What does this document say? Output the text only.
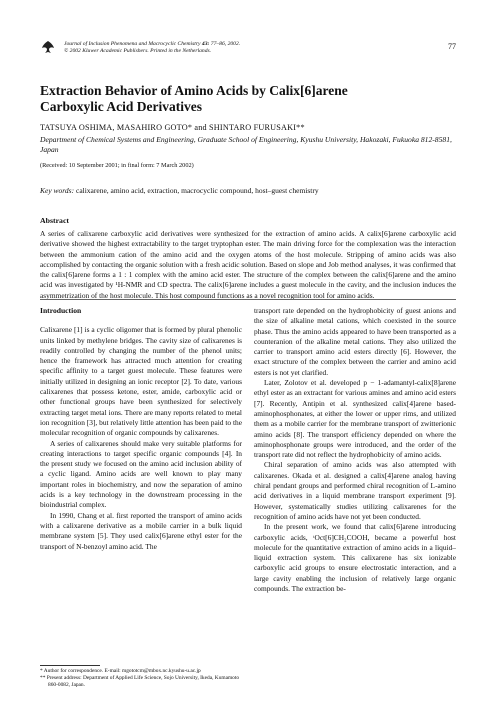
Journal of Inclusion Phenomena and Macrocyclic Chemistry 43: 77–86, 2002.
© 2002 Kluwer Academic Publishers. Printed in the Netherlands.	77
Extraction Behavior of Amino Acids by Calix[6]arene
Carboxylic Acid Derivatives
TATSUYA OSHIMA, MASAHIRO GOTO* and SHINTARO FURUSAKI**
Department of Chemical Systems and Engineering, Graduate School of Engineering, Kyushu University, Hakozaki, Fukuoka 812-8581, Japan
(Received: 10 September 2001; in final form: 7 March 2002)
Key words: calixarene, amino acid, extraction, macrocyclic compound, host–guest chemistry
Abstract
A series of calixarene carboxylic acid derivatives were synthesized for the extraction of amino acids. A calix[6]arene carboxylic acid derivative showed the highest extractability to the target tryptophan ester. The main driving force for the complexation was the interaction between the ammonium cation of the amino acid and the oxygen atoms of the host molecule. Stripping of amino acids was also accomplished by contacting the organic solution with a fresh acidic solution. Based on slope and Job method analyses, it was confirmed that the calix[6]arene forms a 1 : 1 complex with the amino acid ester. The structure of the complex between the calix[6]arene and the amino acid was investigated by ¹H-NMR and CD spectra. The calix[6]arene includes a guest molecule in the cavity, and the inclusion induces the asymmetrization of the host molecule. This host compound functions as a novel recognition tool for amino acids.
Introduction

Calixarene [1] is a cyclic oligomer that is formed by plural phenolic units linked by methylene bridges. The cavity size of calixarenes is readily controlled by changing the number of the phenol units; hence the framework has attracted much attention for creating specific affinity to a target guest molecule. These features were initially utilized in designing an ionic receptor [2]. To date, various calixarenes that possess ketone, ester, amide, carboxylic acid or other functional groups have been synthesized for selectively extracting target metal ions. There are many reports related to metal ion recognition [3], but relatively little attention has been paid to the molecular recognition of organic compounds by calixarenes.

A series of calixarenes should make very suitable platforms for creating interactions to target specific organic compounds [4]. In the present study we focused on the amino acid inclusion ability of a cyclic ligand. Amino acids are well known to play many important roles in biochemistry, and now the separation of amino acids is a key technology in the downstream processing in the bioindustrial complex.

In 1990, Chang et al. first reported the transport of amino acids with a calixarene derivative as a mobile carrier in a bulk liquid membrane system [5]. They used calix[6]arene ethyl ester for the transport of N-benzoyl amino acid. The

transport rate depended on the hydrophobicity of guest anions and the size of alkaline metal cations, which coexisted in the source phase. Thus the amino acids appeared to have been transported as a counteranion of the alkaline metal cations. They also utilized the carrier to transport amino acid esters directly [6]. However, the exact structure of the complex between the carrier and amino acid esters is not yet clarified.

Later, Zolotov et al. developed p − 1-adamantyl-calix[8]arene ethyl ester as an extractant for various amines and amino acid esters [7]. Recently, Antipin et al. synthesized calix[4]arene based-aminophosphonates, at either the lower or upper rims, and utilized them as a mobile carrier for the membrane transport of zwitterionic amino acids [8]. The transport efficiency depended on where the aminophosphonate groups were introduced, and the order of the transport rate did not reflect the hydrophobicity of amino acids.

Chiral separation of amino acids was also attempted with calixarenes. Okada et al. designed a calix[4]arene analog having chiral pendant groups and performed chiral recognition of L-amino acid derivatives in a liquid membrane transport experiment [9]. However, systematically studies utilizing calixarenes for the recognition of amino acids have not yet been conducted.

In the present work, we found that calix[6]arene introducing carboxylic acids, ᵗOct[6]CH₂COOH, became a powerful host molecule for the quantitative extraction of amino acids in a liquid–liquid extraction system. This calixarene has six ionizable carboxylic acid groups to ensure electrostatic interaction, and a large cavity enabling the inclusion of relatively large organic compounds. The extraction be-

* Author for correspondence. E-mail: mgototcm@mbox.nc.kyushu-u.ac.jp
** Present address: Department of Applied Life Science, Sojo University, Ikeda, Kumamoto 860-0082, Japan.
